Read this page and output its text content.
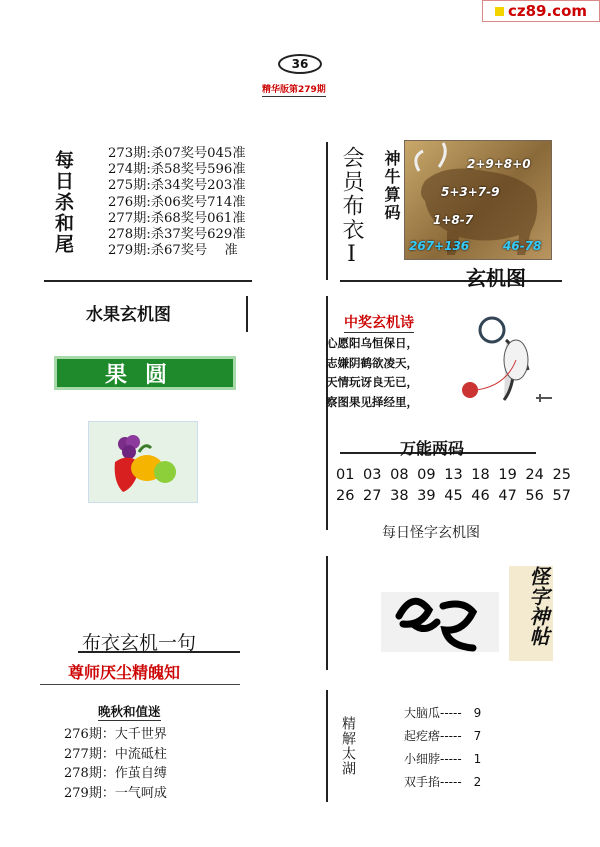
cz89.com
36
精华版第279期
每日杀和尾	273期:杀07奖号045准
274期:杀58奖号596准
275期:杀34奖号203准
276期:杀06奖号714准
277期:杀68奖号061准
278期:杀37奖号629准
279期:杀67奖号　 准
水果玄机图
果圆
会员布衣Ⅰ 神牛算码	2+9+8+0
5+3+7-9
1+8-7
267+136	46-78
玄机图
中奖玄机诗
心愿阳乌恒保日，
志嫌阴鹤欲凌天，
天情玩讶良无已，
察图果见择经里，
万能两码
01 03 08 09 13 18 19 24 25
26 27 38 39 45 46 47 56 57
每日怪字玄机图
怪字神帖
布衣玄机一句
尊师厌尘精魄知
晚秋和值迷
276期：大千世界
277期：中流砥柱
278期：作茧自缚
279期：一气呵成
精解太湖
大脑瓜-----　9
起疙瘩-----　7
小细脖-----　1
双手掐-----　2
